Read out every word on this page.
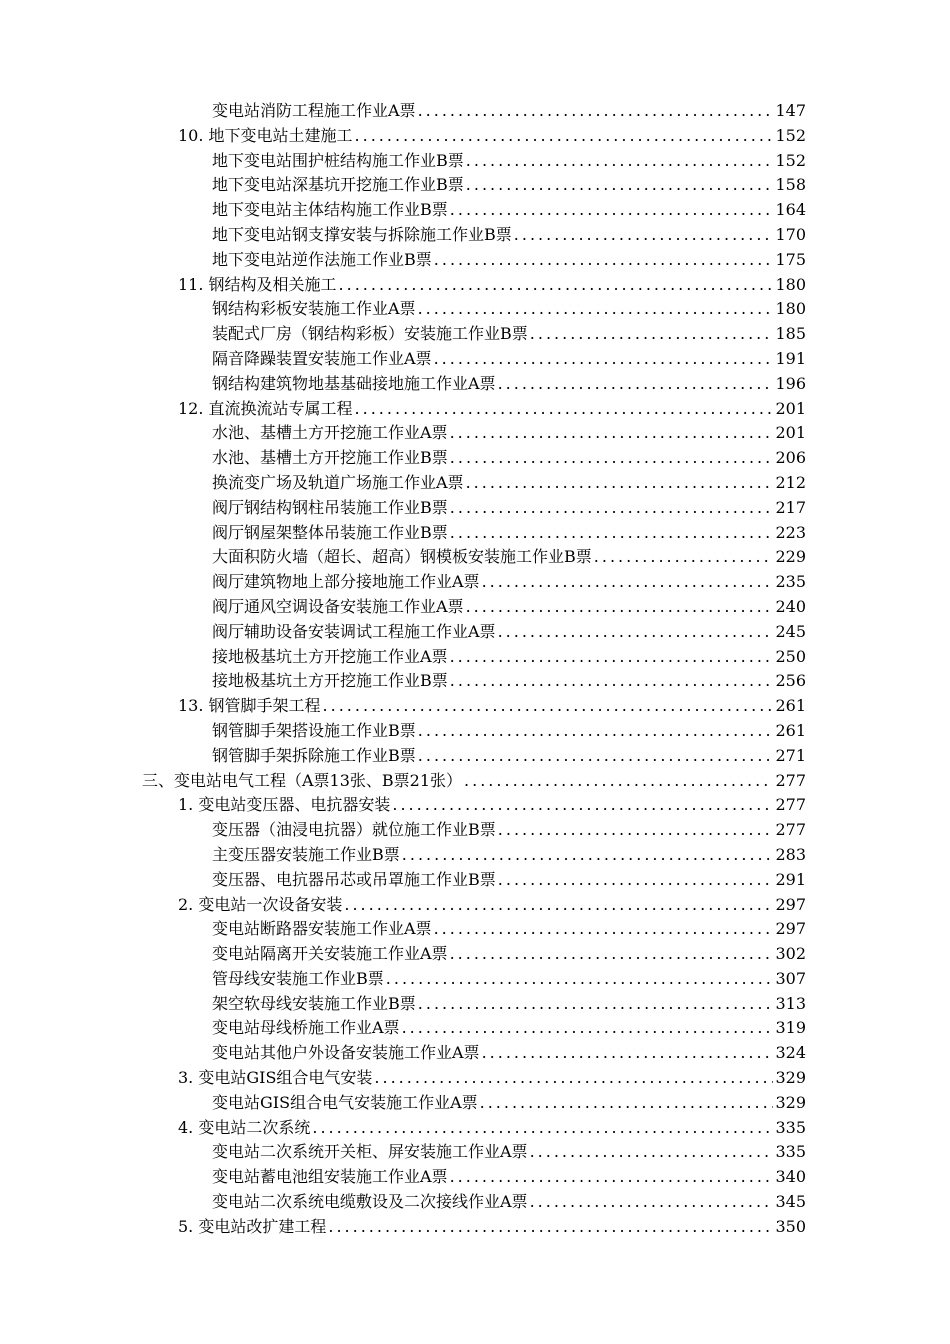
变电站消防工程施工作业A票 .....	147
10. 地下变电站土建施工 .....	152
地下变电站围护桩结构施工作业B票 .....	152
地下变电站深基坑开挖施工作业B票 .....	158
地下变电站主体结构施工作业B票 .....	164
地下变电站钢支撑安装与拆除施工作业B票 .....	170
地下变电站逆作法施工作业B票 .....	175
11. 钢结构及相关施工 .....	180
钢结构彩板安装施工作业A票 .....	180
装配式厂房（钢结构彩板）安装施工作业B票 .....	185
隔音降躁装置安装施工作业A票 .....	191
钢结构建筑物地基基础接地施工作业A票 .....	196
12. 直流换流站专属工程 .....	201
水池、基槽土方开挖施工作业A票 .....	201
水池、基槽土方开挖施工作业B票 .....	206
换流变广场及轨道广场施工作业A票 .....	212
阀厅钢结构钢柱吊装施工作业B票 .....	217
阀厅钢屋架整体吊装施工作业B票 .....	223
大面积防火墙（超长、超高）钢模板安装施工作业B票 .....	229
阀厅建筑物地上部分接地施工作业A票 .....	235
阀厅通风空调设备安装施工作业A票 .....	240
阀厅辅助设备安装调试工程施工作业A票 .....	245
接地极基坑土方开挖施工作业A票 .....	250
接地极基坑土方开挖施工作业B票 .....	256
13. 钢管脚手架工程 .....	261
钢管脚手架搭设施工作业B票 .....	261
钢管脚手架拆除施工作业B票 .....	271
三、变电站电气工程（A票13张、B票21张） .....	277
1. 变电站变压器、电抗器安装 .....	277
变压器（油浸电抗器）就位施工作业B票 .....	277
主变压器安装施工作业B票 .....	283
变压器、电抗器吊芯或吊罩施工作业B票 .....	291
2. 变电站一次设备安装 .....	297
变电站断路器安装施工作业A票 .....	297
变电站隔离开关安装施工作业A票 .....	302
管母线安装施工作业B票 .....	307
架空软母线安装施工作业B票 .....	313
变电站母线桥施工作业A票 .....	319
变电站其他户外设备安装施工作业A票 .....	324
3. 变电站GIS组合电气安装 .....	329
变电站GIS组合电气安装施工作业A票 .....	329
4. 变电站二次系统 .....	335
变电站二次系统开关柜、屏安装施工作业A票 .....	335
变电站蓄电池组安装施工作业A票 .....	340
变电站二次系统电缆敷设及二次接线作业A票 .....	345
5. 变电站改扩建工程 .....	350
